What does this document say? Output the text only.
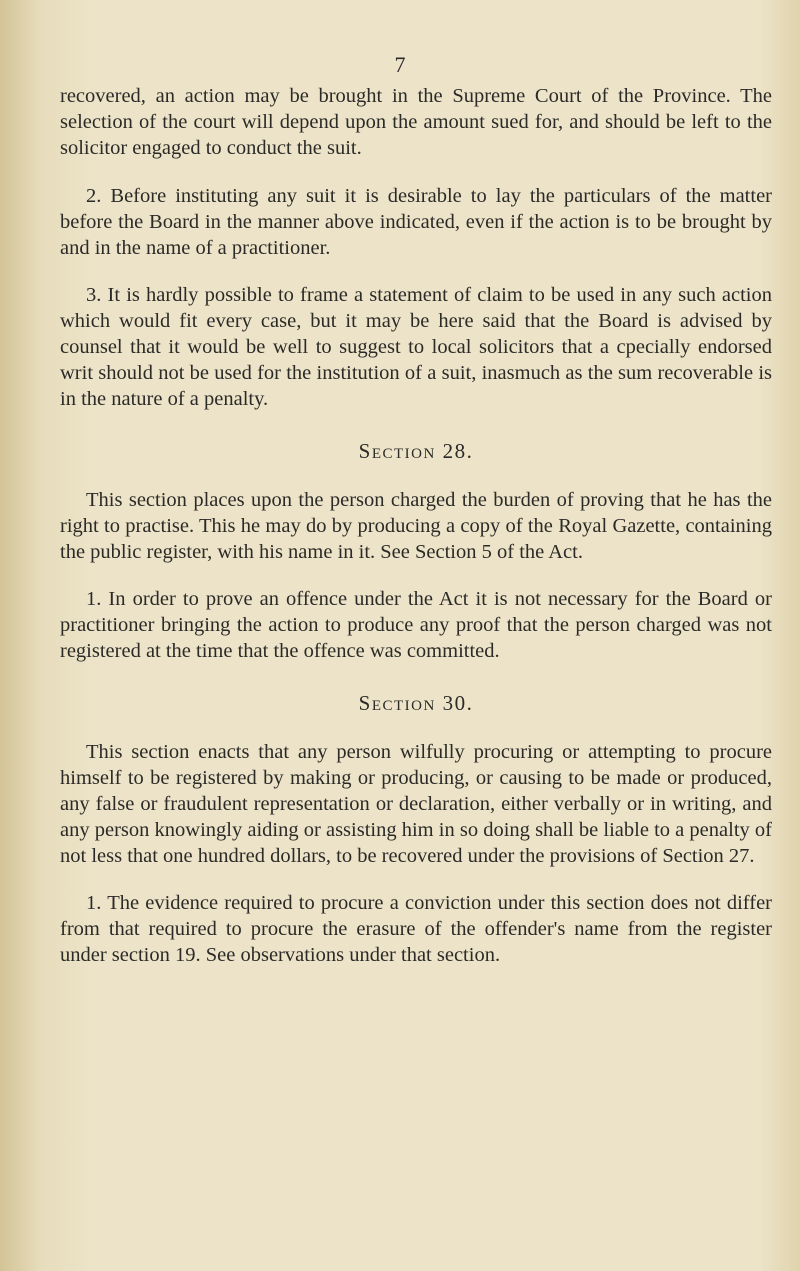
7

recovered, an action may be brought in the Supreme Court of the Province. The selection of the court will depend upon the amount sued for, and should be left to the solicitor engaged to conduct the suit.

2. Before instituting any suit it is desirable to lay the particulars of the matter before the Board in the manner above indicated, even if the action is to be brought by and in the name of a practitioner.

3. It is hardly possible to frame a statement of claim to be used in any such action which would fit every case, but it may be here said that the Board is advised by counsel that it would be well to suggest to local solicitors that a cpecially endorsed writ should not be used for the institution of a suit, inasmuch as the sum recoverable is in the nature of a penalty.

Section 28.

This section places upon the person charged the burden of proving that he has the right to practise. This he may do by producing a copy of the Royal Gazette, containing the public register, with his name in it. See Section 5 of the Act.

1. In order to prove an offence under the Act it is not necessary for the Board or practitioner bringing the action to produce any proof that the person charged was not registered at the time that the offence was committed.

Section 30.

This section enacts that any person wilfully procuring or attempting to procure himself to be registered by making or producing, or causing to be made or produced, any false or fraudulent representation or declaration, either verbally or in writing, and any person knowingly aiding or assisting him in so doing shall be liable to a penalty of not less that one hundred dollars, to be recovered under the provisions of Section 27.

1. The evidence required to procure a conviction under this section does not differ from that required to procure the erasure of the offender's name from the register under section 19. See observations under that section.
